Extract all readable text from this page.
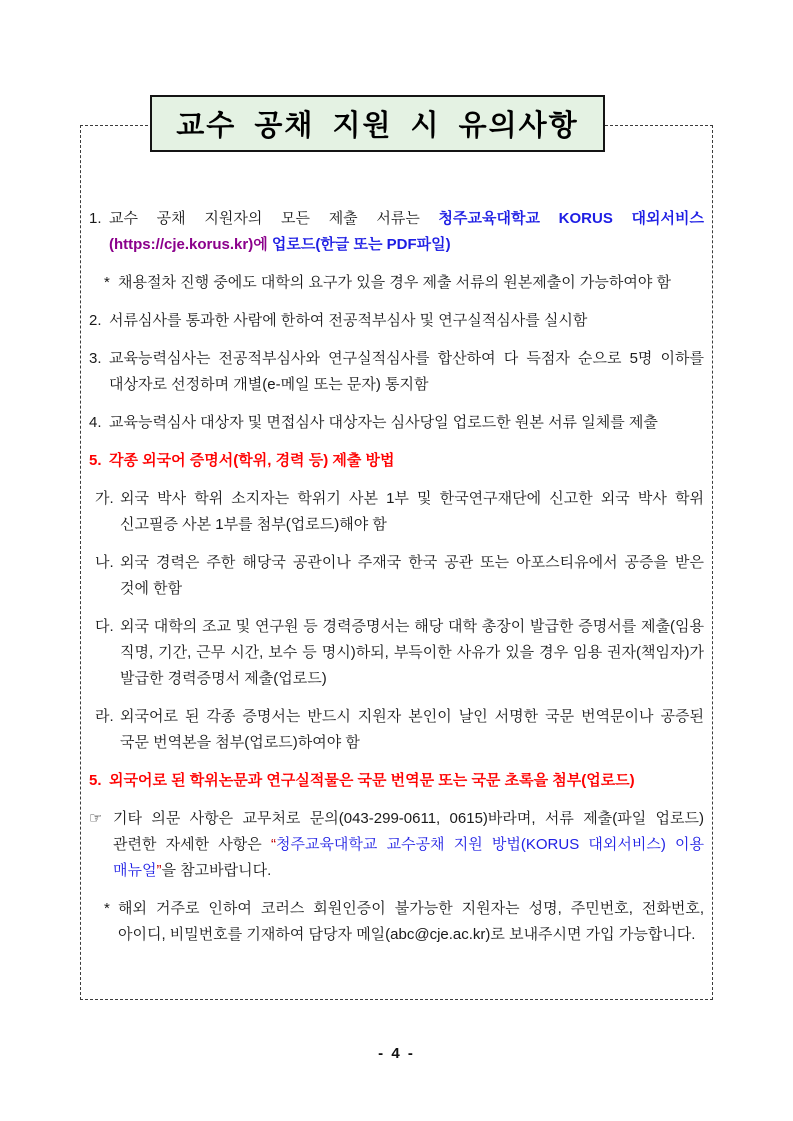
교수 공채 지원 시 유의사항
1. 교수 공채 지원자의 모든 제출 서류는 청주교육대학교 KORUS 대외서비스(https://cje.korus.kr)에 업로드(한글 또는 PDF파일)
* 채용절차 진행 중에도 대학의 요구가 있을 경우 제출 서류의 원본제출이 가능하여야 함
2. 서류심사를 통과한 사람에 한하여 전공적부심사 및 연구실적심사를 실시함
3. 교육능력심사는 전공적부심사와 연구실적심사를 합산하여 다 득점자 순으로 5명 이하를 대상자로 선정하며 개별(e-메일 또는 문자) 통지함
4. 교육능력심사 대상자 및 면접심사 대상자는 심사당일 업로드한 원본 서류 일체를 제출
5. 각종 외국어 증명서(학위, 경력 등) 제출 방법
가. 외국 박사 학위 소지자는 학위기 사본 1부 및 한국연구재단에 신고한 외국 박사 학위 신고필증 사본 1부를 첨부(업로드)해야 함
나. 외국 경력은 주한 해당국 공관이나 주재국 한국 공관 또는 아포스티유에서 공증을 받은 것에 한함
다. 외국 대학의 조교 및 연구원 등 경력증명서는 해당 대학 총장이 발급한 증명서를 제출(임용 직명, 기간, 근무 시간, 보수 등 명시)하되, 부득이한 사유가 있을 경우 임용 권자(책임자)가 발급한 경력증명서 제출(업로드)
라. 외국어로 된 각종 증명서는 반드시 지원자 본인이 날인 서명한 국문 번역문이나 공증된 국문 번역본을 첨부(업로드)하여야 함
5. 외국어로 된 학위논문과 연구실적물은 국문 번역문 또는 국문 초록을 첨부(업로드)
☞ 기타 의문 사항은 교무처로 문의(043-299-0611, 0615)바라며, 서류 제출(파일 업로드) 관련한 자세한 사항은 “청주교육대학교 교수공채 지원 방법(KORUS 대외서비스) 이용 매뉴얼”을 참고바랍니다.
* 해외 거주로 인하여 코러스 회원인증이 불가능한 지원자는 성명, 주민번호, 전화번호, 아이디, 비밀번호를 기재하여 담당자 메일(abc@cje.ac.kr)로 보내주시면 가입 가능합니다.
- 4 -
